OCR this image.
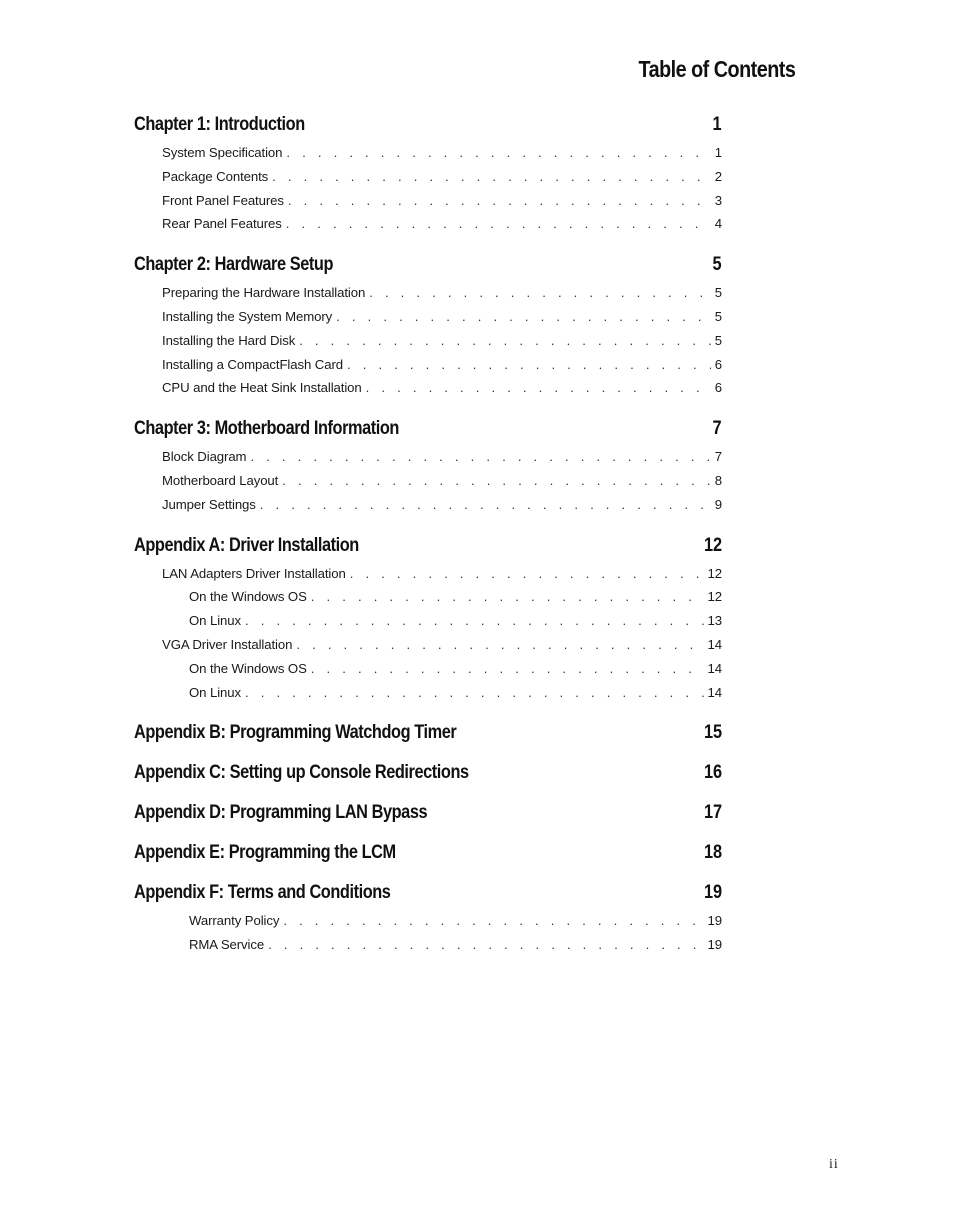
Table of Contents
Chapter 1: Introduction	1
System Specification . . .	1
Package Contents . . .	2
Front Panel Features . . .	3
Rear Panel Features . . .	4
Chapter 2: Hardware Setup	5
Preparing the Hardware Installation . . .	5
Installing the System Memory . . .	5
Installing the Hard Disk . . .	5
Installing a CompactFlash Card . . .	6
CPU and the Heat Sink Installation . . .	6
Chapter 3: Motherboard Information	7
Block Diagram . . .	7
Motherboard Layout . . .	8
Jumper Settings . . .	9
Appendix A: Driver Installation	12
LAN Adapters Driver Installation . . .	12
On the Windows OS . . .	12
On Linux . . .	13
VGA Driver Installation . . .	14
On the Windows OS . . .	14
On Linux . . .	14
Appendix B: Programming Watchdog Timer	15
Appendix C: Setting up Console Redirections	16
Appendix D: Programming LAN Bypass	17
Appendix E: Programming the LCM	18
Appendix F: Terms and Conditions	19
Warranty Policy . . .	19
RMA Service . . .	19
ii
